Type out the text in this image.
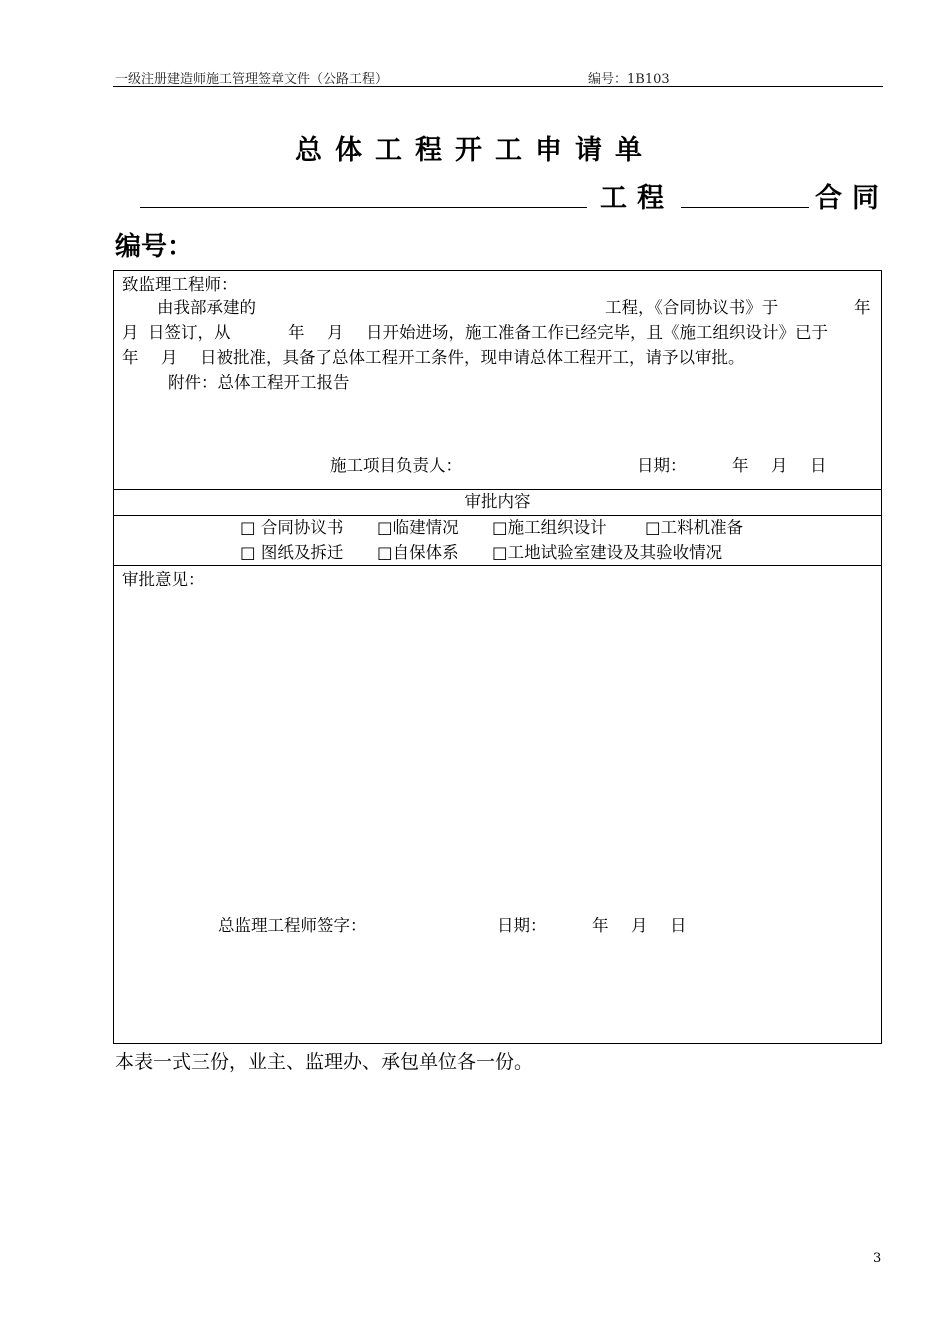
一级注册建造师施工管理签章文件（公路工程）	编号：1B103
总体工程开工申请单
工程	合同
编号：
致监理工程师：
由我部承建的	工程，《合同协议书》于	年
月 日签订，从	年 月 日开始进场，施工准备工作已经完毕，且《施工组织设计》已于
年 月 日被批准，具备了总体工程开工条件，现申请总体工程开工，请予以审批。
附件：总体工程开工报告
施工项目负责人：	日期：	年 月 日
审批内容
□ 合同协议书 □临建情况 □施工组织设计 □工料机准备
□ 图纸及拆迁 □自保体系 □工地试验室建设及其验收情况
审批意见：
总监理工程师签字：	日期：	年 月 日
本表一式三份，业主、监理办、承包单位各一份。
3
